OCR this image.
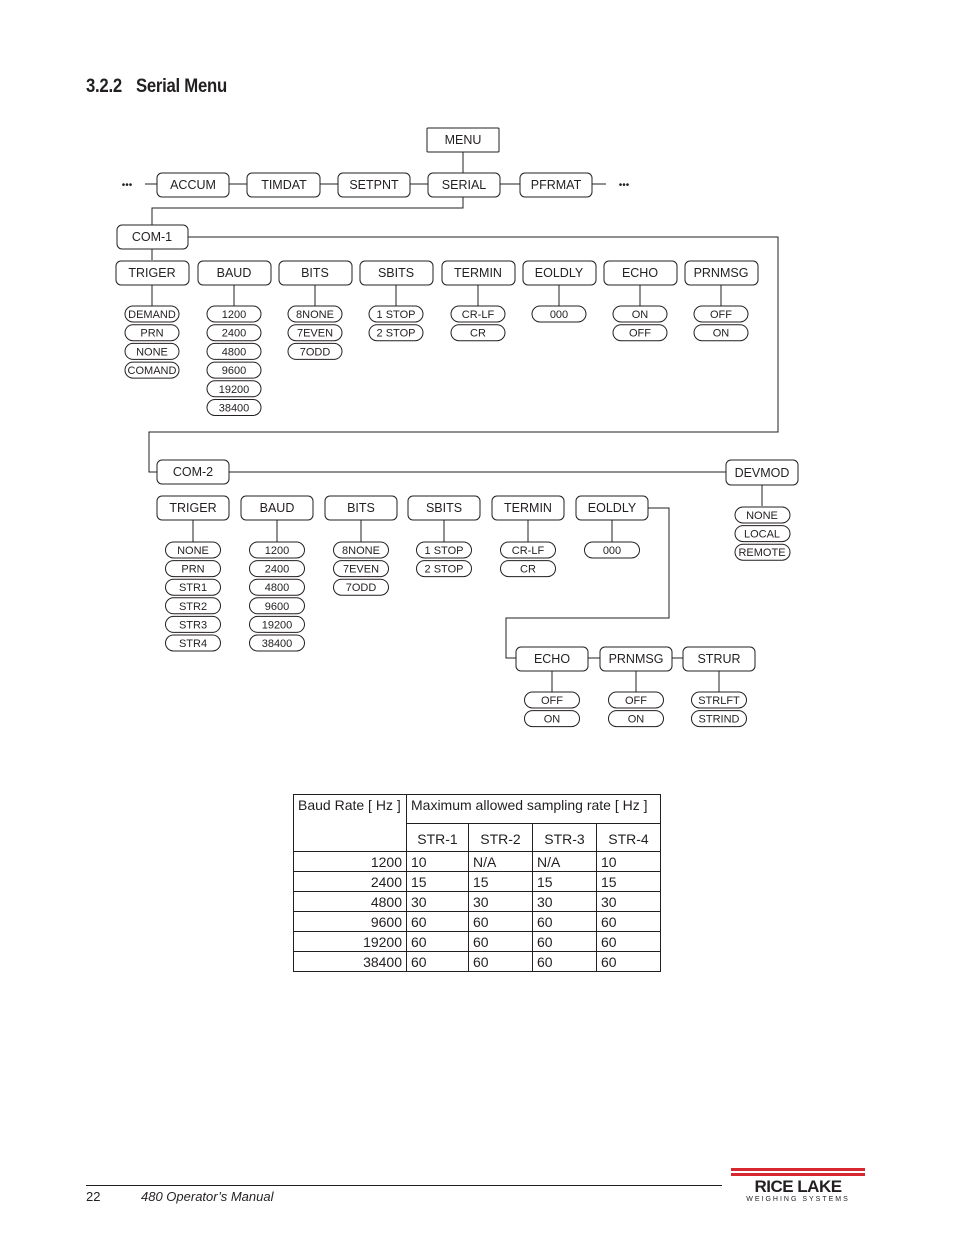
3.2.2 Serial Menu
MENU
•••	•••
ACCUM	TIMDAT	SETPNT	SERIAL	PFRMAT
COM-1
COM-2	DEVMOD
NONE
LOCAL
REMOTE
TRIGER
DEMAND
PRN
NONE
COMAND
BAUD
1200
2400
4800
9600
19200
38400
BITS
8NONE
7EVEN
7ODD
SBITS
1 STOP
2 STOP
TERMIN
CR-LF
CR
EOLDLY
000
ECHO
ON
OFF
PRNMSG
OFF
ON
TRIGER
NONE
PRN
STR1
STR2
STR3
STR4
BAUD
1200
2400
4800
9600
19200
38400
BITS
8NONE
7EVEN
7ODD
SBITS
1 STOP
2 STOP
TERMIN
CR-LF
CR
EOLDLY
000
ECHO
OFF
ON
PRNMSG
OFF
ON
STRUR
STRLFT
STRIND
Baud Rate [ Hz ]	Maximum allowed sampling rate [ Hz ]			
	STR-1	STR-2	STR-3	STR-4
1200	10	N/A	N/A	10
2400	15	15	15	15
4800	30	30	30	30
9600	60	60	60	60
19200	60	60	60	60
38400	60	60	60	60
22	480 Operator’s Manual
RICE LAKE
WEIGHING SYSTEMS
